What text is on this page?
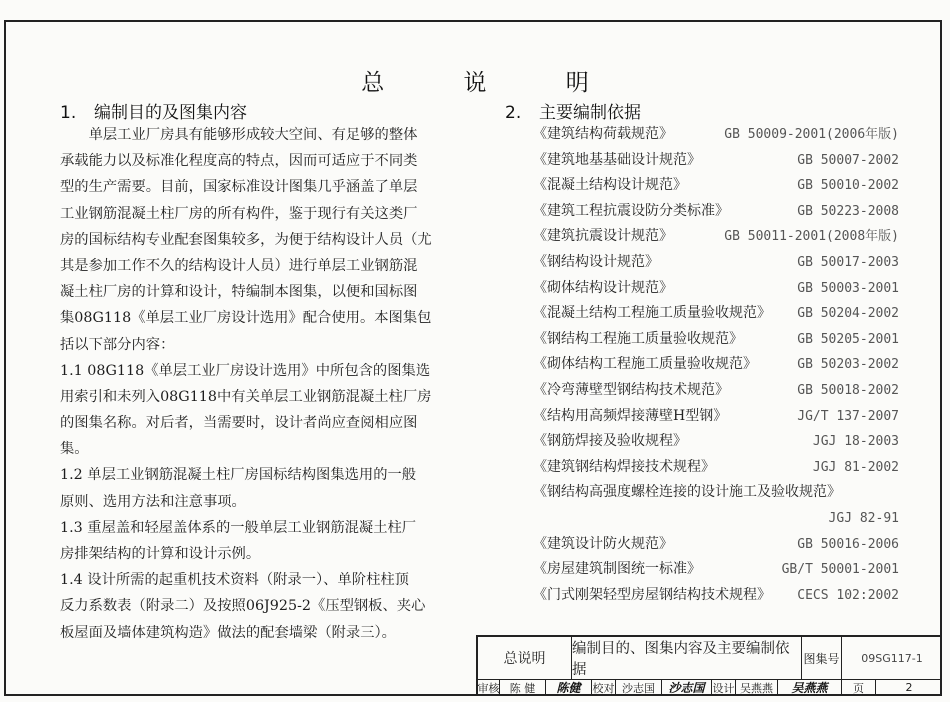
总 说 明
1. 编制目的及图集内容	2. 主要编制依据
　　单层工业厂房具有能够形成较大空间、有足够的整体
承载能力以及标准化程度高的特点，因而可适应于不同类
型的生产需要。目前，国家标准设计图集几乎涵盖了单层
工业钢筋混凝土柱厂房的所有构件，鉴于现行有关这类厂
房的国标结构专业配套图集较多，为便于结构设计人员（尤
其是参加工作不久的结构设计人员）进行单层工业钢筋混
凝土柱厂房的计算和设计，特编制本图集，以便和国标图
集08G118《单层工业厂房设计选用》配合使用。本图集包
括以下部分内容：
1.1 08G118《单层工业厂房设计选用》中所包含的图集选
用索引和未列入08G118中有关单层工业钢筋混凝土柱厂房
的图集名称。对后者，当需要时，设计者尚应查阅相应图
集。
1.2 单层工业钢筋混凝土柱厂房国标结构图集选用的一般
原则、选用方法和注意事项。
1.3 重屋盖和轻屋盖体系的一般单层工业钢筋混凝土柱厂
房排架结构的计算和设计示例。
1.4 设计所需的起重机技术资料（附录一）、单阶柱柱顶
反力系数表（附录二）及按照06J925-2《压型钢板、夹心
板屋面及墙体建筑构造》做法的配套墙梁（附录三）。
《建筑结构荷载规范》	GB 50009-2001(2006年版)
《建筑地基基础设计规范》	GB 50007-2002
《混凝土结构设计规范》	GB 50010-2002
《建筑工程抗震设防分类标准》	GB 50223-2008
《建筑抗震设计规范》	GB 50011-2001(2008年版)
《钢结构设计规范》	GB 50017-2003
《砌体结构设计规范》	GB 50003-2001
《混凝土结构工程施工质量验收规范》 GB 50204-2002
《钢结构工程施工质量验收规范》	GB 50205-2001
《砌体结构工程施工质量验收规范》	GB 50203-2002
《冷弯薄壁型钢结构技术规范》	GB 50018-2002
《结构用高频焊接薄壁H型钢》	JG/T 137-2007
《钢筋焊接及验收规程》	JGJ 18-2003
《建筑钢结构焊接技术规程》	JGJ 81-2002
《钢结构高强度螺栓连接的设计施工及验收规范》
JGJ 82-91
《建筑设计防火规范》	GB 50016-2006
《房屋建筑制图统一标准》	GB/T 50001-2001
《门式刚架轻型房屋钢结构技术规程》 CECS 102:2002
总说明
编制目的、图集内容及主要编制依据
图集号	09SG117-1
审核 陈 健	陈健	校对 沙志国	沙志国 设计 吴燕燕	吴燕燕	页	2
